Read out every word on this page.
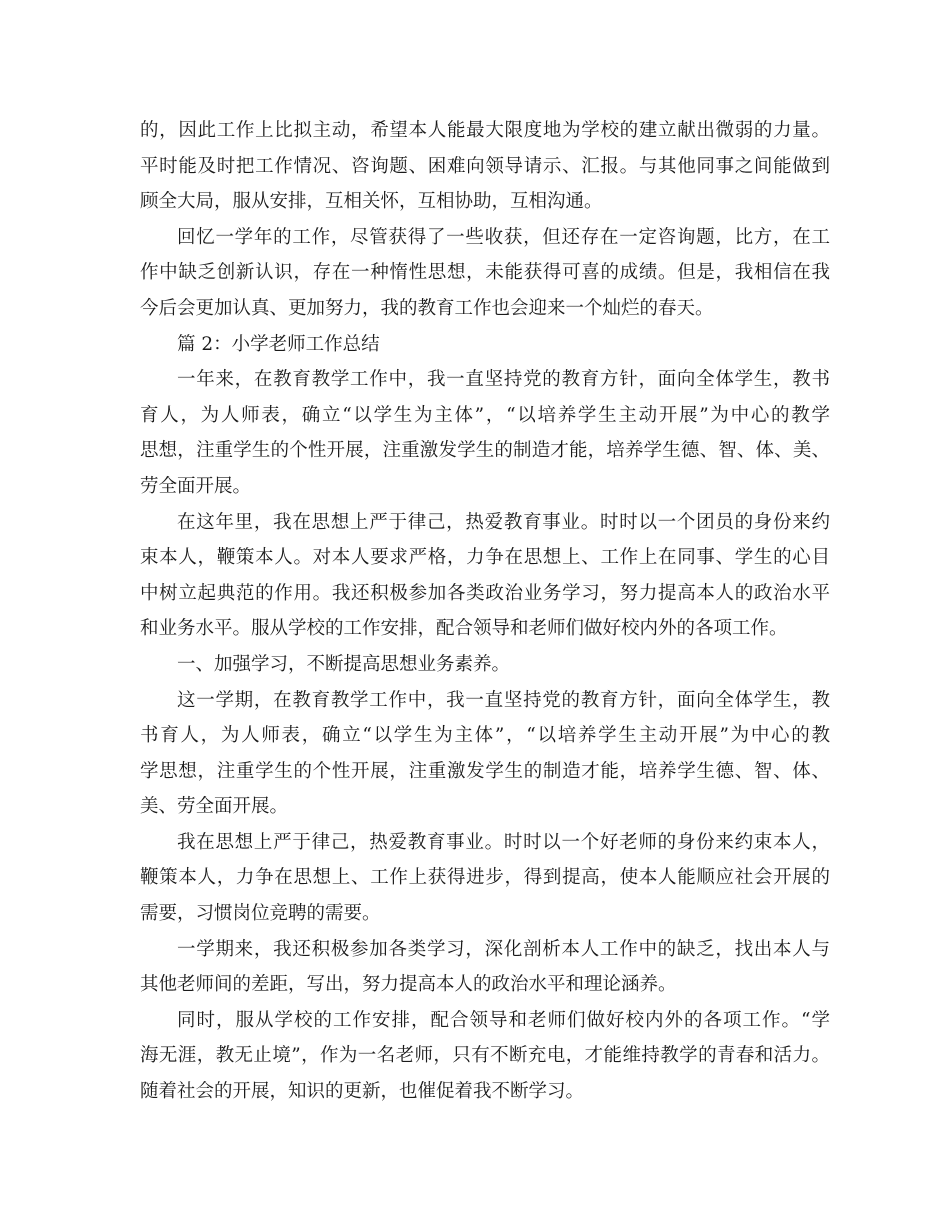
的，因此工作上比拟主动，希望本人能最大限度地为学校的建立献出微弱的力量。
平时能及时把工作情况、咨询题、困难向领导请示、汇报。与其他同事之间能做到
顾全大局，服从安排，互相关怀，互相协助，互相沟通。

回忆一学年的工作，尽管获得了一些收获，但还存在一定咨询题，比方，在工
作中缺乏创新认识，存在一种惰性思想，未能获得可喜的成绩。但是，我相信在我
今后会更加认真、更加努力，我的教育工作也会迎来一个灿烂的春天。

篇 2：小学老师工作总结

一年来，在教育教学工作中，我一直坚持党的教育方针，面向全体学生，教书
育人，为人师表，确立“以学生为主体”，“以培养学生主动开展”为中心的教学
思想，注重学生的个性开展，注重激发学生的制造才能，培养学生德、智、体、美、
劳全面开展。

在这年里，我在思想上严于律己，热爱教育事业。时时以一个团员的身份来约
束本人，鞭策本人。对本人要求严格，力争在思想上、工作上在同事、学生的心目
中树立起典范的作用。我还积极参加各类政治业务学习，努力提高本人的政治水平
和业务水平。服从学校的工作安排，配合领导和老师们做好校内外的各项工作。

一、加强学习，不断提高思想业务素养。

这一学期，在教育教学工作中，我一直坚持党的教育方针，面向全体学生，教
书育人，为人师表，确立“以学生为主体”，“以培养学生主动开展”为中心的教
学思想，注重学生的个性开展，注重激发学生的制造才能，培养学生德、智、体、
美、劳全面开展。

我在思想上严于律己，热爱教育事业。时时以一个好老师的身份来约束本人，
鞭策本人，力争在思想上、工作上获得进步，得到提高，使本人能顺应社会开展的
需要，习惯岗位竞聘的需要。

一学期来，我还积极参加各类学习，深化剖析本人工作中的缺乏，找出本人与
其他老师间的差距，写出，努力提高本人的政治水平和理论涵养。

同时，服从学校的工作安排，配合领导和老师们做好校内外的各项工作。“学
海无涯，教无止境”，作为一名老师，只有不断充电，才能维持教学的青春和活力。
随着社会的开展，知识的更新，也催促着我不断学习。
